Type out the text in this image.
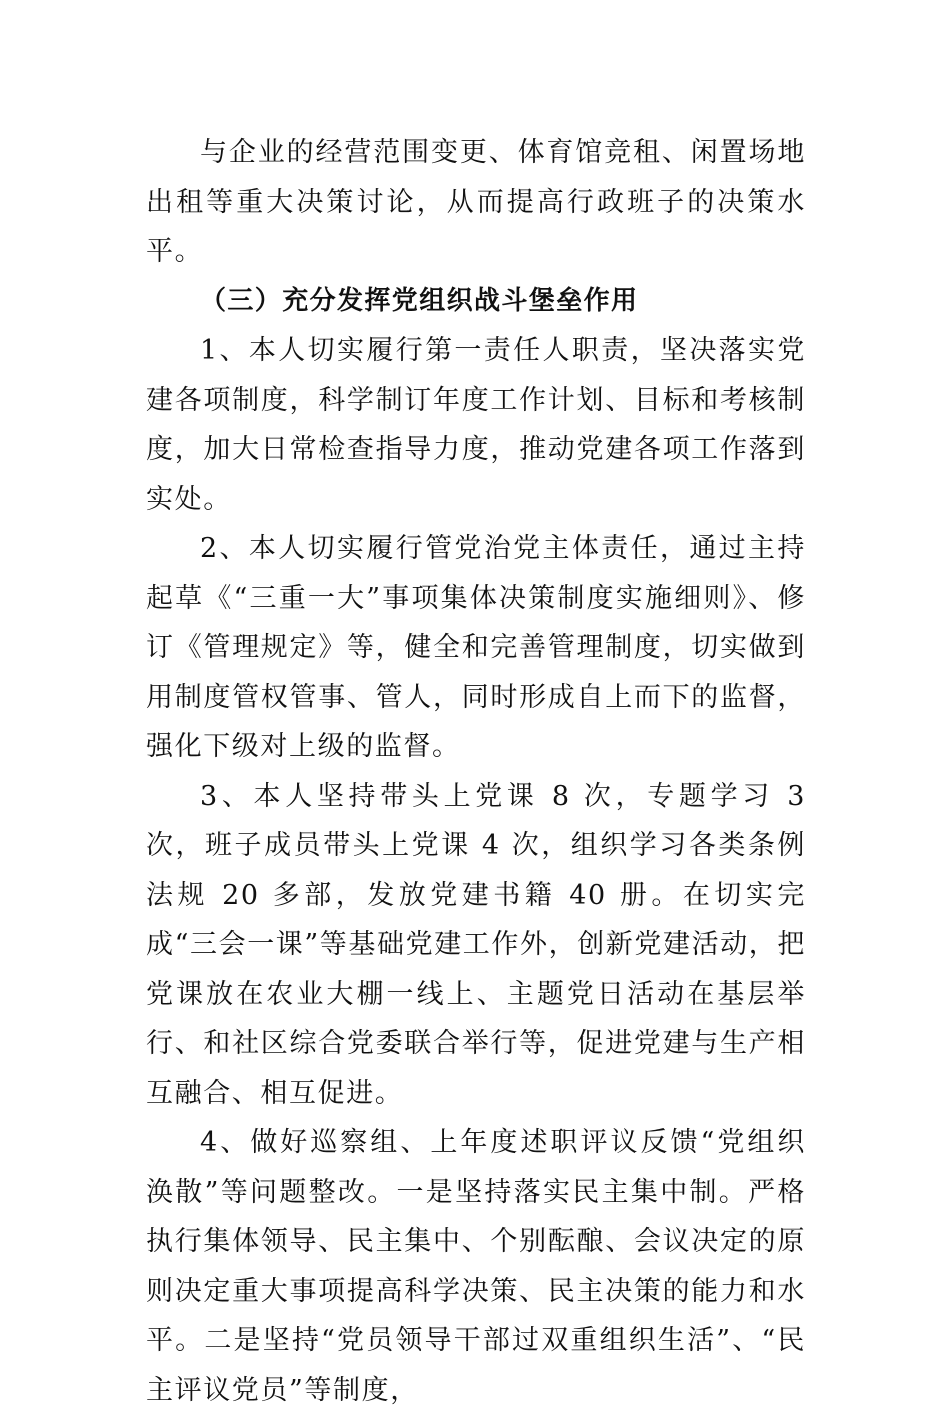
与企业的经营范围变更、体育馆竞租、闲置场地出租等重大决策讨论，从而提高行政班子的决策水平。

（三）充分发挥党组织战斗堡垒作用

1、本人切实履行第一责任人职责，坚决落实党建各项制度，科学制订年度工作计划、目标和考核制度，加大日常检查指导力度，推动党建各项工作落到实处。

2、本人切实履行管党治党主体责任，通过主持起草《“三重一大”事项集体决策制度实施细则》、修订《管理规定》等，健全和完善管理制度，切实做到用制度管权管事、管人，同时形成自上而下的监督，强化下级对上级的监督。

3、本人坚持带头上党课 8 次，专题学习 3 次，班子成员带头上党课 4 次，组织学习各类条例法规 20 多部，发放党建书籍 40 册。在切实完成“三会一课”等基础党建工作外，创新党建活动，把党课放在农业大棚一线上、主题党日活动在基层举行、和社区综合党委联合举行等，促进党建与生产相互融合、相互促进。

4、做好巡察组、上年度述职评议反馈“党组织涣散”等问题整改。一是坚持落实民主集中制。严格执行集体领导、民主集中、个别酝酿、会议决定的原则决定重大事项提高科学决策、民主决策的能力和水平。二是坚持“党员领导干部过双重组织生活”、“民主评议党员”等制度，
